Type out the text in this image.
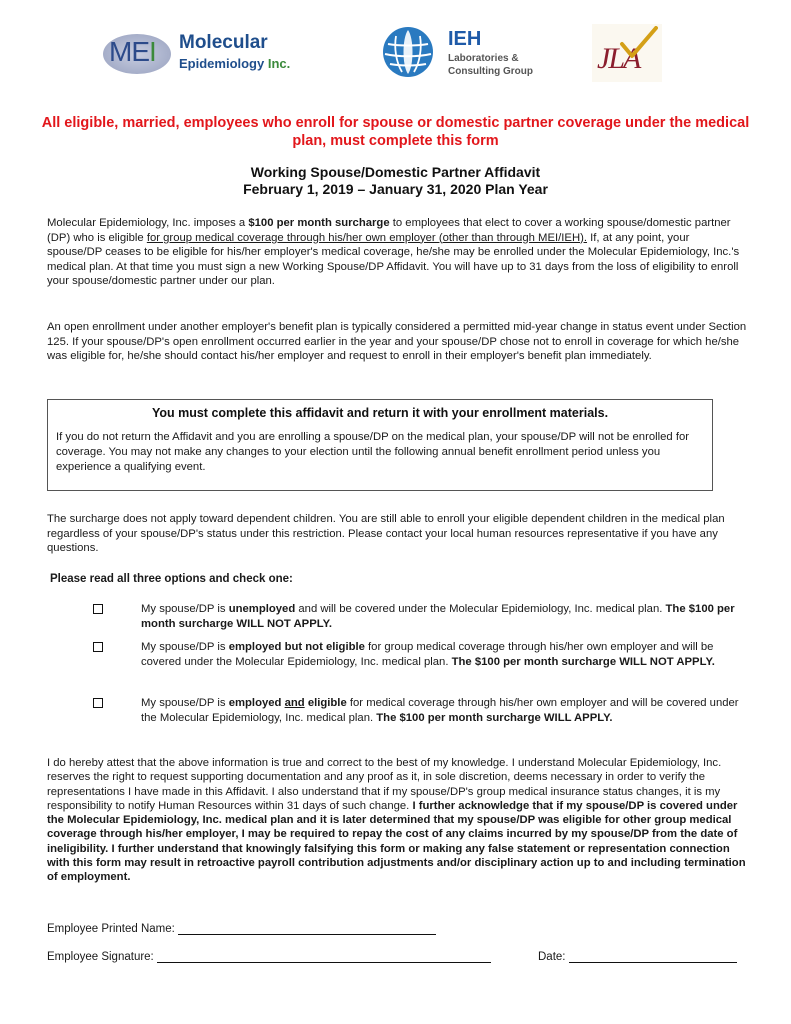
MEI Molecular
Epidemiology Inc.
IEH
Laboratories &
Consulting Group JLA
All eligible, married, employees who enroll for spouse or domestic partner coverage under the medical plan, must complete this form
Working Spouse/Domestic Partner Affidavit
February 1, 2019 – January 31, 2020 Plan Year
Molecular Epidemiology, Inc. imposes a $100 per month surcharge to employees that elect to cover a working spouse/domestic partner (DP) who is eligible for group medical coverage through his/her own employer (other than through MEI/IEH). If, at any point, your spouse/DP ceases to be eligible for his/her employer's medical coverage, he/she may be enrolled under the Molecular Epidemiology, Inc.'s medical plan. At that time you must sign a new Working Spouse/DP Affidavit. You will have up to 31 days from the loss of eligibility to enroll your spouse/domestic partner under our plan.
An open enrollment under another employer's benefit plan is typically considered a permitted mid-year change in status event under Section 125. If your spouse/DP's open enrollment occurred earlier in the year and your spouse/DP chose not to enroll in coverage for which he/she was eligible for, he/she should contact his/her employer and request to enroll in their employer's benefit plan immediately.
You must complete this affidavit and return it with your enrollment materials.
If you do not return the Affidavit and you are enrolling a spouse/DP on the medical plan, your spouse/DP will not be enrolled for coverage. You may not make any changes to your election until the following annual benefit enrollment period unless you experience a qualifying event.
The surcharge does not apply toward dependent children. You are still able to enroll your eligible dependent children in the medical plan regardless of your spouse/DP's status under this restriction. Please contact your local human resources representative if you have any questions.
Please read all three options and check one:
My spouse/DP is unemployed and will be covered under the Molecular Epidemiology, Inc. medical plan. The $100 per month surcharge WILL NOT APPLY.
My spouse/DP is employed but not eligible for group medical coverage through his/her own employer and will be covered under the Molecular Epidemiology, Inc. medical plan. The $100 per month surcharge WILL NOT APPLY.
My spouse/DP is employed and eligible for medical coverage through his/her own employer and will be covered under the Molecular Epidemiology, Inc. medical plan. The $100 per month surcharge WILL APPLY.
I do hereby attest that the above information is true and correct to the best of my knowledge. I understand Molecular Epidemiology, Inc. reserves the right to request supporting documentation and any proof as it, in sole discretion, deems necessary in order to verify the representations I have made in this Affidavit. I also understand that if my spouse/DP's group medical insurance status changes, it is my responsibility to notify Human Resources within 31 days of such change. I further acknowledge that if my spouse/DP is covered under the Molecular Epidemiology, Inc. medical plan and it is later determined that my spouse/DP was eligible for other group medical coverage through his/her employer, I may be required to repay the cost of any claims incurred by my spouse/DP from the date of ineligibility. I further understand that knowingly falsifying this form or making any false statement or representation connection with this form may result in retroactive payroll contribution adjustments and/or disciplinary action up to and including termination of employment.
Employee Printed Name:
Employee Signature:	Date:
